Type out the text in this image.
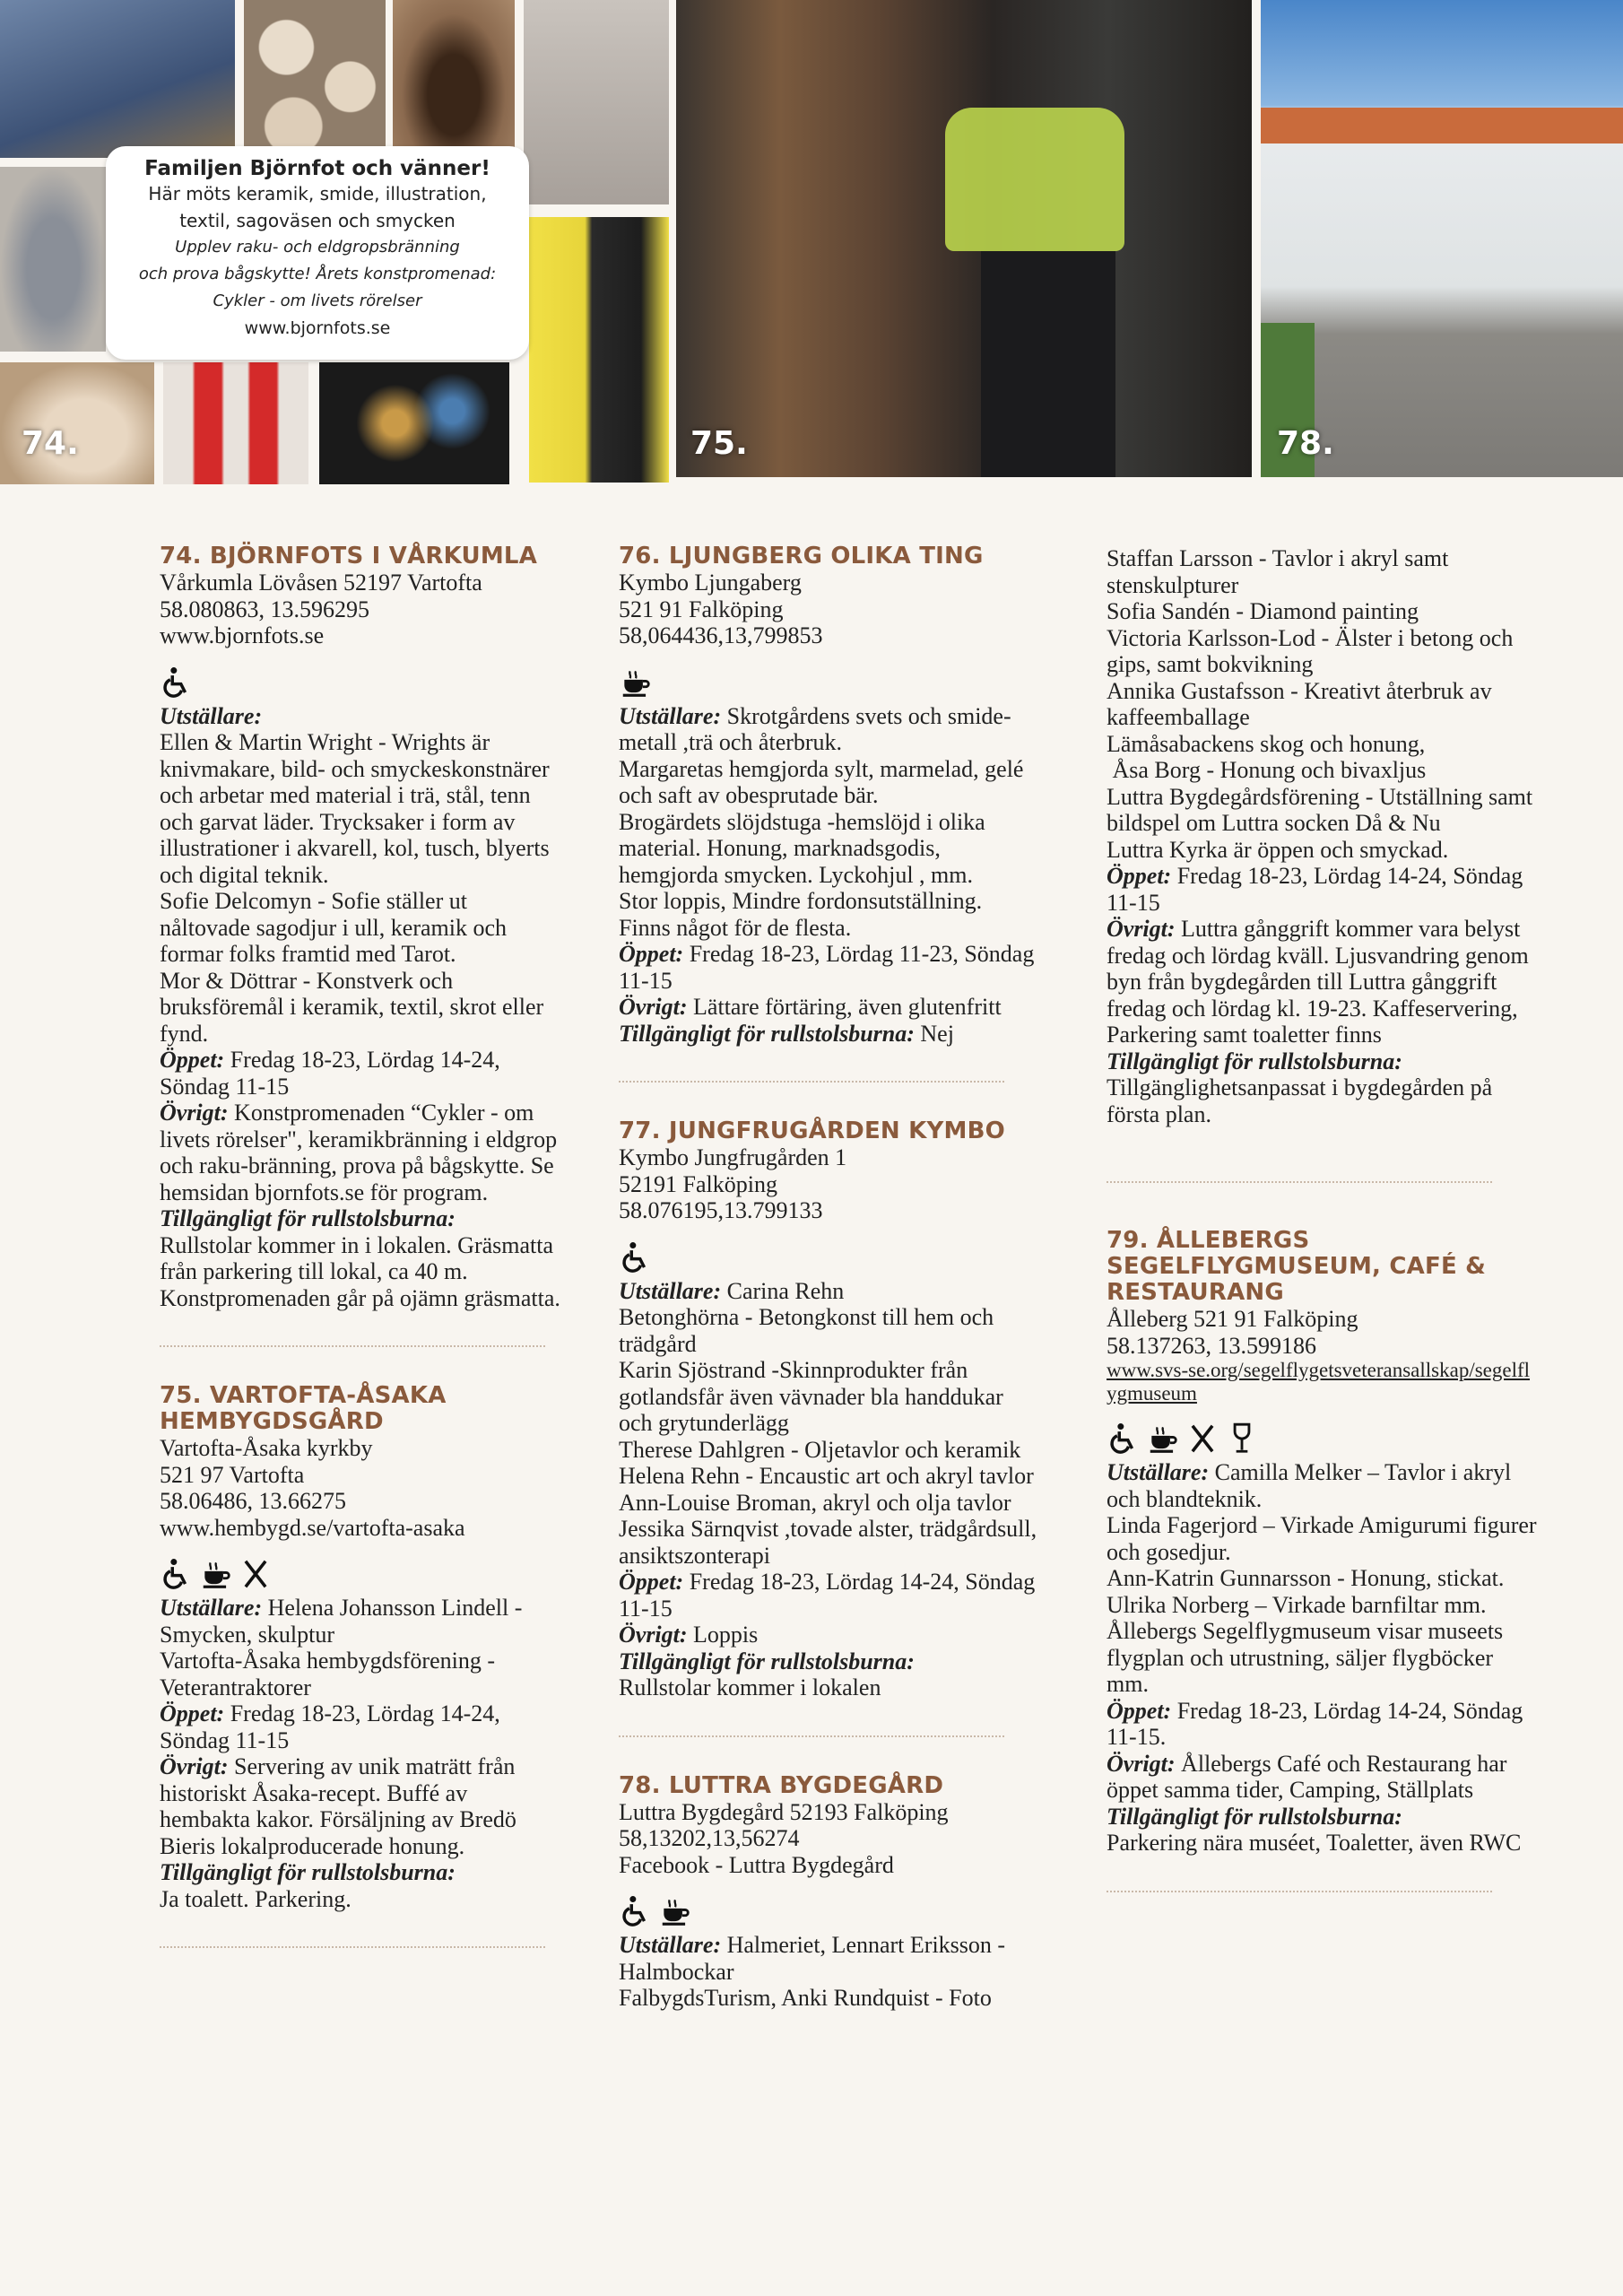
74.
Familjen Björnfot och vänner!
Här möts keramik, smide, illustration,
textil, sagoväsen och smycken
Upplev raku- och eldgropsbränning
och prova bågskytte! Årets konstpromenad:
Cykler - om livets rörelser
www.bjornfots.se
75.	78.
74. BJÖRNFOTS I VÅRKUMLA

Vårkumla Lövåsen 52197 Vartofta

58.080863, 13.596295

www.bjornfots.se

Utställare:

Ellen & Martin Wright - Wrights är knivmakare, bild- och smyckeskonstnärer och arbetar med material i trä, stål, tenn och garvat läder. Trycksaker i form av illustrationer i akvarell, kol, tusch, blyerts och digital teknik.

Sofie Delcomyn - Sofie ställer ut nåltovade sagodjur i ull, keramik och formar folks framtid med Tarot.

Mor & Döttrar - Konstverk och bruksföremål i keramik, textil, skrot eller fynd.

Öppet: Fredag 18-23, Lördag 14-24, Söndag 11-15

Övrigt: Konstpromenaden “Cykler - om livets rörelser", keramikbränning i eldgrop och raku-bränning, prova på bågskytte. Se hemsidan bjornfots.se för program.

Tillgängligt för rullstolsburna:

Rullstolar kommer in i lokalen. Gräsmatta från parkering till lokal, ca 40 m. Konstpromenaden går på ojämn gräsmatta.

75. VARTOFTA-ÅSAKA HEMBYGDSGÅRD

Vartofta-Åsaka kyrkby

521 97 Vartofta

58.06486, 13.66275

www.hembygd.se/vartofta-asaka

Utställare: Helena Johansson Lindell - Smycken, skulptur

Vartofta-Åsaka hembygdsförening - Veterantraktorer

Öppet: Fredag 18-23, Lördag 14-24, Söndag 11-15

Övrigt: Servering av unik maträtt från historiskt Åsaka-recept. Buffé av hembakta kakor. Försäljning av Bredö Bieris lokalproducerade honung.

Tillgängligt för rullstolsburna:

Ja toalett. Parkering.

76. LJUNGBERG OLIKA TING

Kymbo Ljungaberg

521 91 Falköping

58,064436,13,799853

Utställare: Skrotgårdens svets och smide- metall ,trä och återbruk.

Margaretas hemgjorda sylt, marmelad, gelé och saft av obesprutade bär.

Brogärdets slöjdstuga -hemslöjd i olika material. Honung, marknadsgodis, hemgjorda smycken. Lyckohjul , mm.

Stor loppis, Mindre fordonsutställning.

Finns något för de flesta.

Öppet: Fredag 18-23, Lördag 11-23, Söndag 11-15

Övrigt: Lättare förtäring, även glutenfritt

Tillgängligt för rullstolsburna: Nej

77. JUNGFRUGÅRDEN KYMBO

Kymbo Jungfrugården 1

52191 Falköping

58.076195,13.799133

Utställare: Carina Rehn

Betonghörna - Betongkonst till hem och trädgård

Karin Sjöstrand -Skinnprodukter från gotlandsfår även vävnader bla handdukar och grytunderlägg

Therese Dahlgren - Oljetavlor och keramik

Helena Rehn - Encaustic art och akryl tavlor

Ann-Louise Broman, akryl och olja tavlor

Jessika Särnqvist ,tovade alster, trädgårdsull, ansiktszonterapi

Öppet: Fredag 18-23, Lördag 14-24, Söndag 11-15

Övrigt: Loppis

Tillgängligt för rullstolsburna:

Rullstolar kommer i lokalen

78. LUTTRA BYGDEGÅRD

Luttra Bygdegård 52193 Falköping

58,13202,13,56274

Facebook - Luttra Bygdegård

Utställare: Halmeriet, Lennart Eriksson - Halmbockar

FalbygdsTurism, Anki Rundquist - Foto

Staffan Larsson - Tavlor i akryl samt stenskulpturer

Sofia Sandén - Diamond painting

Victoria Karlsson-Lod - Älster i betong och gips, samt bokvikning

Annika Gustafsson - Kreativt återbruk av kaffeemballage

Lämåsabackens skog och honung,

Åsa Borg - Honung och bivaxljus

Luttra Bygdegårdsförening - Utställning samt bildspel om Luttra socken Då & Nu

Luttra Kyrka är öppen och smyckad.

Öppet: Fredag 18-23, Lördag 14-24, Söndag 11-15

Övrigt: Luttra gånggrift kommer vara belyst fredag och lördag kväll. Ljusvandring genom byn från bygdegården till Luttra gånggrift fredag och lördag kl. 19-23. Kaffeservering, Parkering samt toaletter finns

Tillgängligt för rullstolsburna:

Tillgänglighetsanpassat i bygdegården på första plan.

79. ÅLLEBERGS SEGELFLYGMUSEUM, CAFÉ & RESTAURANG

Ålleberg 521 91 Falköping

58.137263, 13.599186

www.svs-se.org/segelflygetsveteransallskap/segelflygmuseum

Utställare: Camilla Melker – Tavlor i akryl och blandteknik.

Linda Fagerjord – Virkade Amigurumi figurer och gosedjur.

Ann-Katrin Gunnarsson - Honung, stickat.

Ulrika Norberg – Virkade barnfiltar mm.

Ållebergs Segelflygmuseum visar museets flygplan och utrustning, säljer flygböcker mm.

Öppet: Fredag 18-23, Lördag 14-24, Söndag 11-15.

Övrigt: Ållebergs Café och Restaurang har öppet samma tider, Camping, Ställplats

Tillgängligt för rullstolsburna:

Parkering nära muséet, Toaletter, även RWC
